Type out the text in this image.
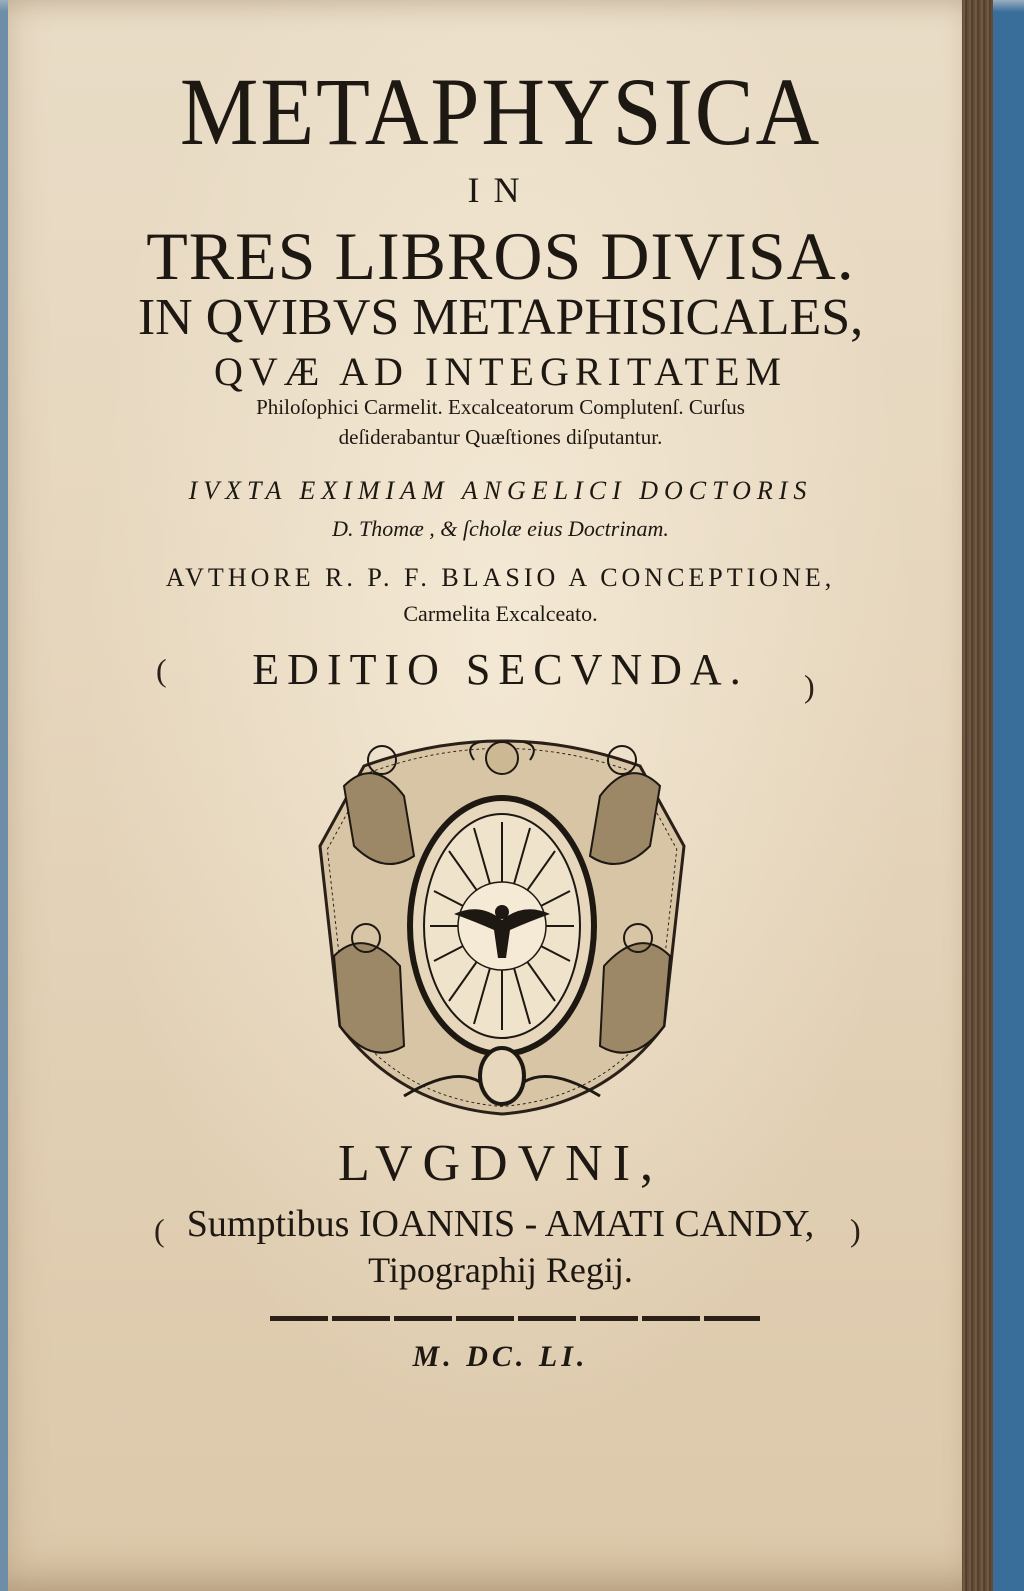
METAPHYSICA
IN
TRES LIBROS DIVISA.
IN QVIBVS METAPHISICALES,
QVÆ AD INTEGRITATEM
Philoſophici Carmelit. Excalceatorum Complutenſ. Curſus
deſiderabantur Quæſtiones diſputantur.
IVXTA EXIMIAM ANGELICI DOCTORIS
D. Thomæ , & ſcholæ eius Doctrinam.
AVTHORE R. P. F. BLASIO A CONCEPTIONE,
Carmelita Excalceato.
EDITIO SECVNDA.
LVGDVNI,
Sumptibus IOANNIS - AMATI CANDY,
Tipographij Regij.
M. DC. LI.
(	)
(	)
